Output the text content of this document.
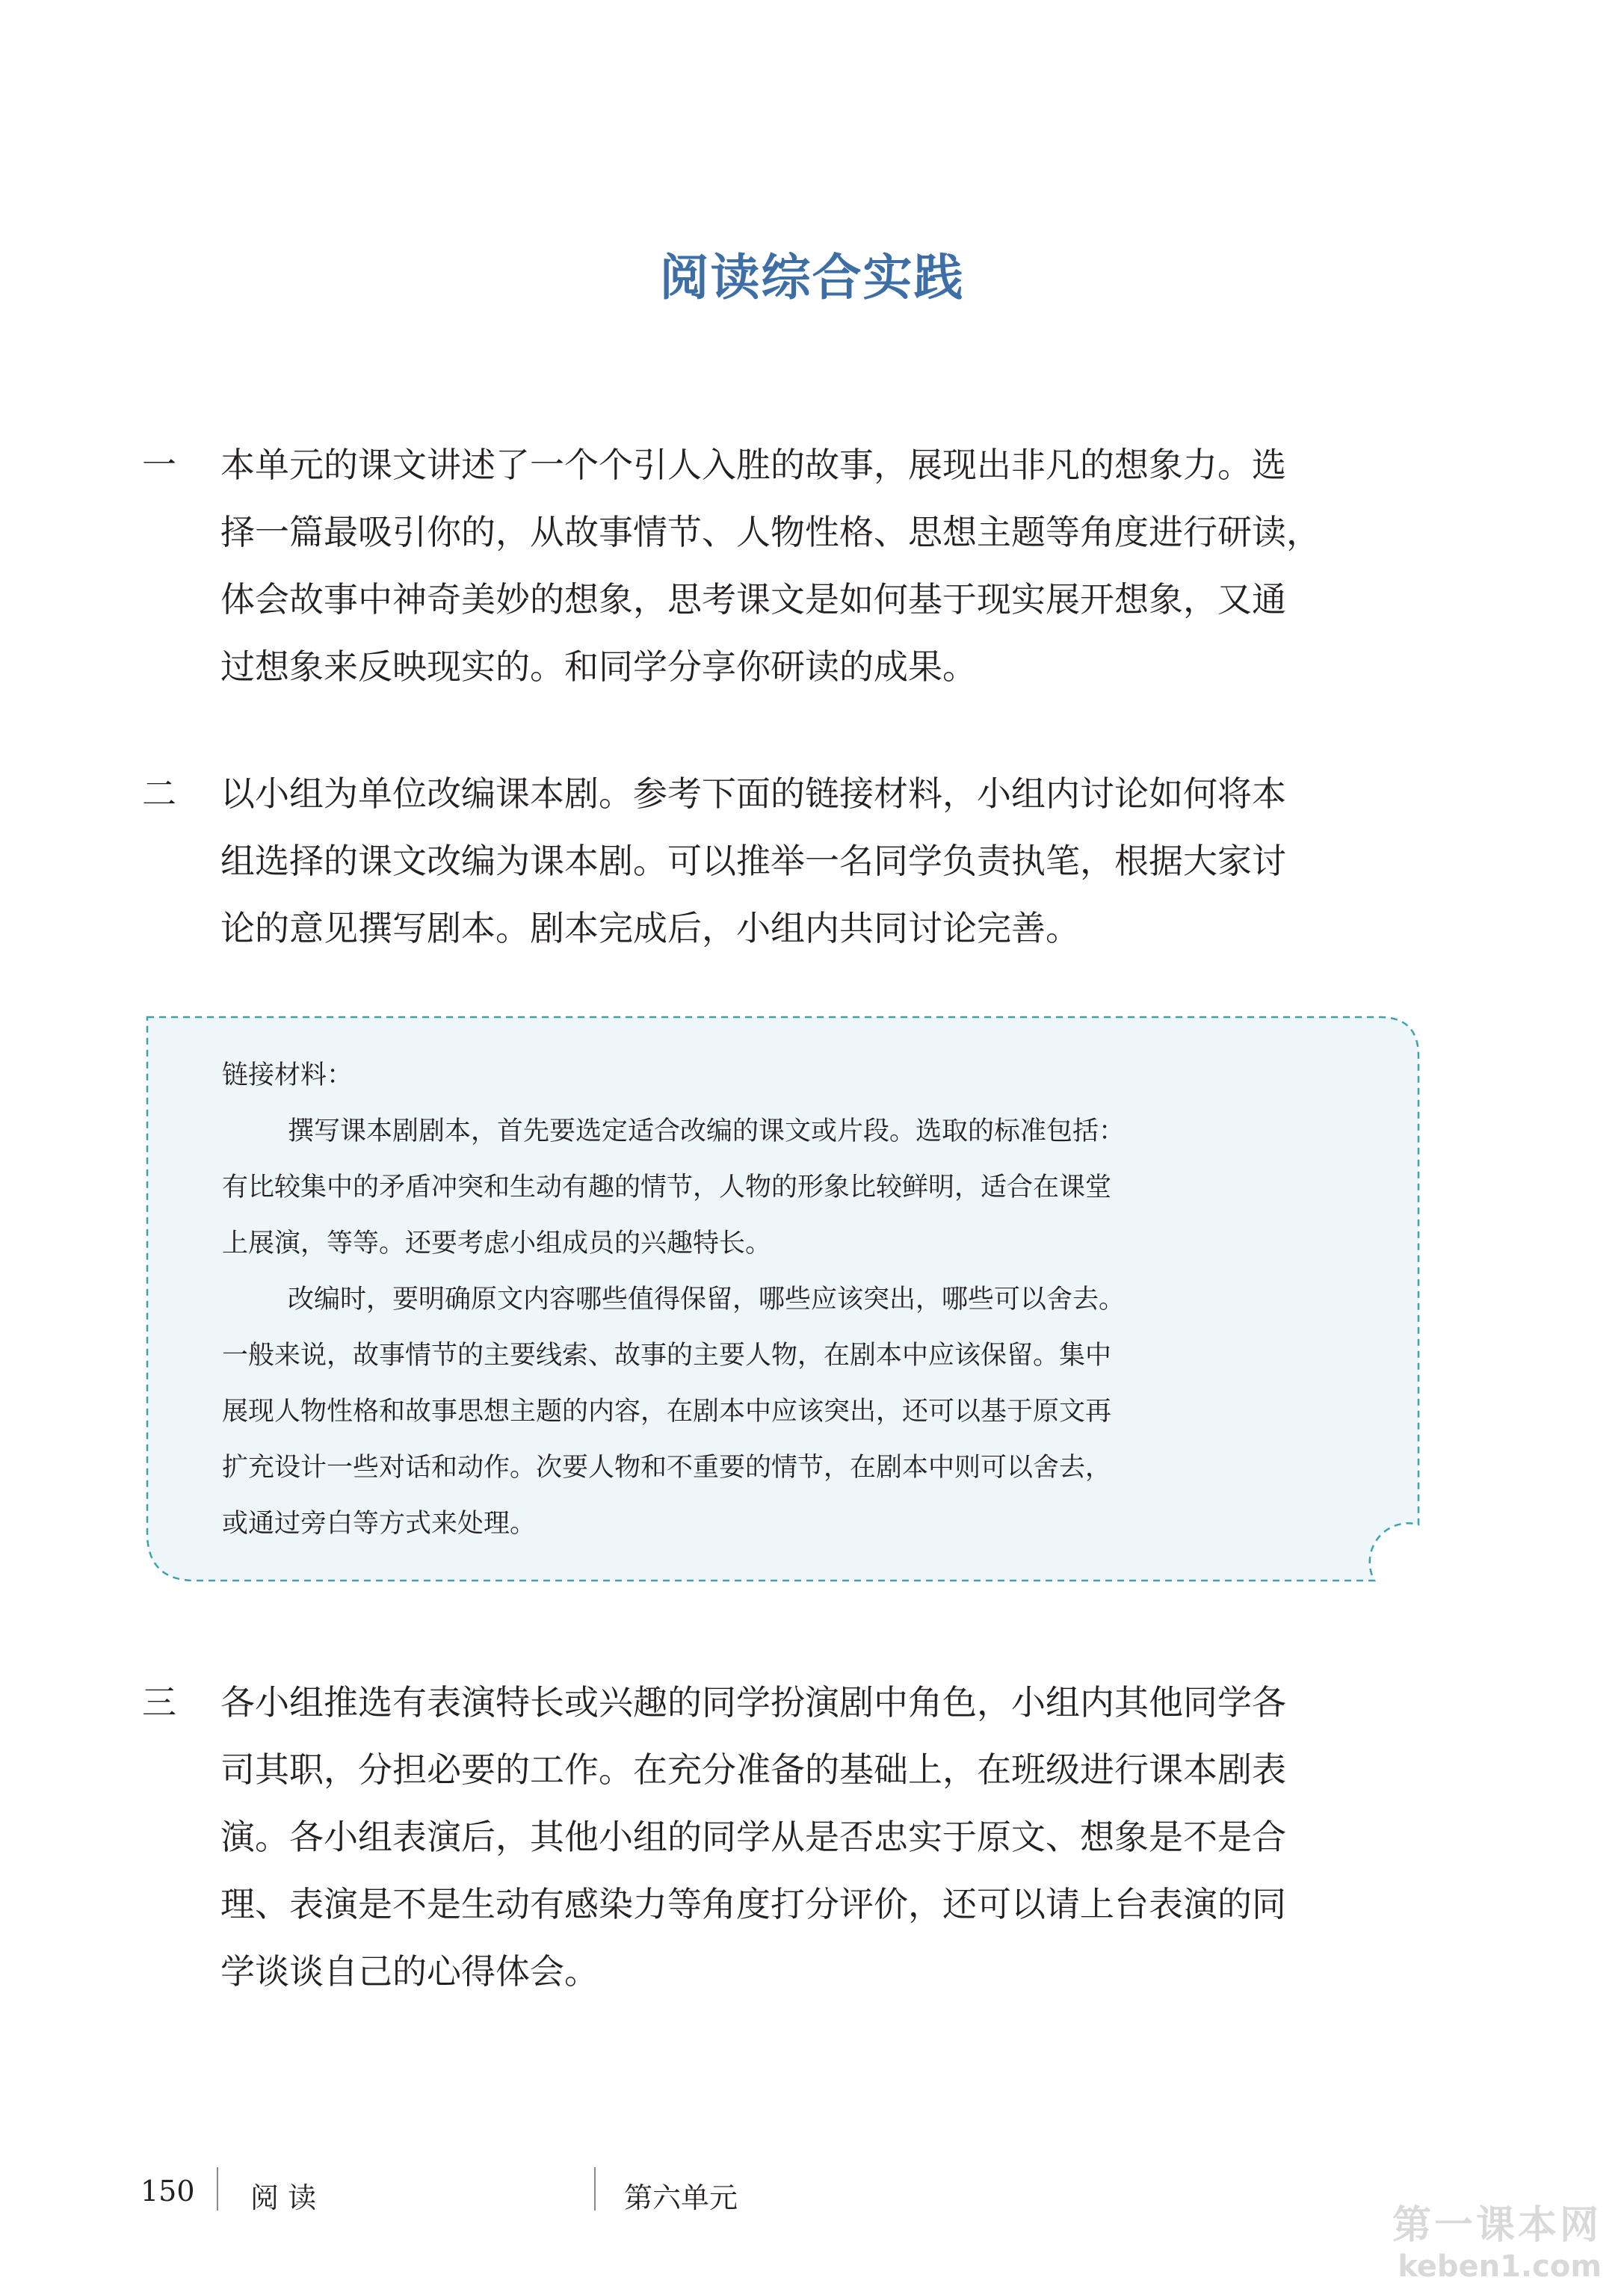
阅读综合实践
一 本单元的课文讲述了一个个引人入胜的故事，展现出非凡的想象力。选
择一篇最吸引你的，从故事情节、人物性格、思想主题等角度进行研读，
体会故事中神奇美妙的想象，思考课文是如何基于现实展开想象，又通
过想象来反映现实的。和同学分享你研读的成果。
二 以小组为单位改编课本剧。参考下面的链接材料，小组内讨论如何将本
组选择的课文改编为课本剧。可以推举一名同学负责执笔，根据大家讨
论的意见撰写剧本。剧本完成后，小组内共同讨论完善。
链接材料：
撰写课本剧剧本，首先要选定适合改编的课文或片段。选取的标准包括：
有比较集中的矛盾冲突和生动有趣的情节，人物的形象比较鲜明，适合在课堂
上展演，等等。还要考虑小组成员的兴趣特长。
改编时，要明确原文内容哪些值得保留，哪些应该突出，哪些可以舍去。
一般来说，故事情节的主要线索、故事的主要人物，在剧本中应该保留。集中
展现人物性格和故事思想主题的内容，在剧本中应该突出，还可以基于原文再
扩充设计一些对话和动作。次要人物和不重要的情节，在剧本中则可以舍去，
或通过旁白等方式来处理。
三 各小组推选有表演特长或兴趣的同学扮演剧中角色，小组内其他同学各
司其职，分担必要的工作。在充分准备的基础上，在班级进行课本剧表
演。各小组表演后，其他小组的同学从是否忠实于原文、想象是不是合
理、表演是不是生动有感染力等角度打分评价，还可以请上台表演的同
学谈谈自己的心得体会。
150 阅 读	第六单元
第一课本网
keben1.com
